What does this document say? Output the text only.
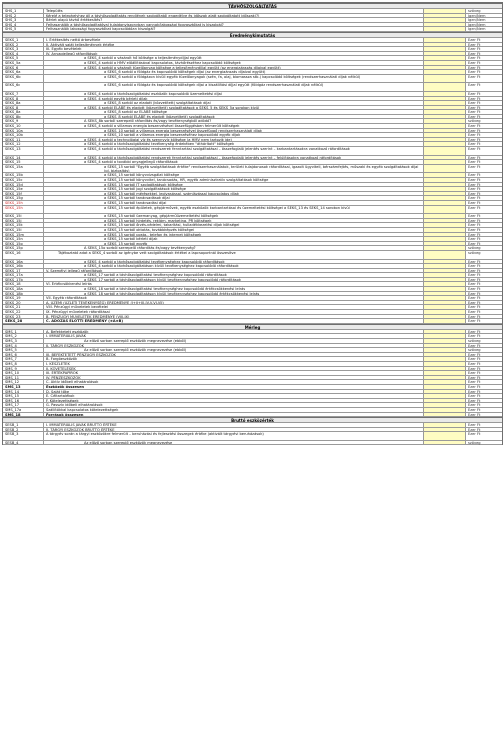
TÁVHŐSZOLGÁLTATÁS
SHS_1	Település	szöveg
SHS_2	Kérelé a telephelyhez áll a távhőszolgáltatás rendjének szolgáltatói engedélye és időszak alatt szolgáltatott időszak(?)	Igen/Nem
SHS_3	Bérlet alapú távhő értékesítés?	Igen/Nem
SHS_4	Felhasználók a távhőszolgáltatóval tulajdonviszonyban vannak/lakossági fogyasztókat is kiszolgál?	Igen/Nem
SHS_5	Felhasználók lakossági fogyasztókat kapcsolódóan kiszolgál?	Igen/Nem
Eredménykimutatás
SEKS_1	I. Értékesítés nettó árbevétele	Ezer Ft
SEKS_2	II. Aktivált saját teljesítmények értéke	Ezer Ft
SEKS_3	III. Egyéb bevételek	Ezer Ft
SEKS_4	IV. Anyagjellegű ráfordítások	Ezer Ft
SEKS_5	a SEKS_4 sorból a vásárolt hő költsége a teljesítménydíjjal együtt	Ezer Ft
SEKS_5a	a SEKS_4 sorból a HMV előállításával kapcsolatos, távhőrészéhez kapcsolódó költségek	Ezer Ft
SEKS_6	a SEKS_4 sorból a vásárolt tüzelőanyag költsége a teljesítménydíjjal együtt (az energiaárazás díjaival együtt)	Ezer Ft
SEKS_6a	a SEKS_6 sorból a földgáz és kapcsolódó költségek díjai (az energiaárazás díjaival együtt)	Ezer Ft
SEKS_6b	a SEKS_6 sorból a földgázon kívüli egyéb tüzelőanyagok (szén, fa, olaj, biomassza stb.) kapcsolódó költségek (rendszerhasználati díjak nélkül)	Ezer Ft
SEKS_6c	a SEKS_6 sorból a földgáz és kapcsolódó költségek díjai a kiszállítási díjjal együtt (földgáz rendszerhasználati díjak nélkül)	Ezer Ft
SEKS_7	a SEKS_4 sorból a távhőszolgáltatási eszközök kapcsolódó üzemeltetési díjai	Ezer Ft
SEKS_8	a SEKS_4 sorból egyéb bérleti díjak	Ezer Ft
SEKS_8a	a SEKS_8 sorból az eladott (közvetített) szolgáltatások díjai	Ezer Ft
SEKS_8	a SEKS_4 sorból ELÁBÉ és eladott (közvetített) szolgáltatások a SEKS_5 és SEKS_5a sorokon kívül	Ezer Ft
SEKS_8a	a SEKS_8 sorból az ELÁBÉ költsége	Ezer Ft
SEKS_8b	a SEKS_8 sorból ELÁBÉ és eladott (közvetített) szolgáltatások	Ezer Ft
SEKS_9	A SEKS_8b sorból szerepelő ráfordítás és/vagy tevékenységből adódó?	szöveg
SEKS_10	a SEKS_4 sorból a villamos energia beszerzésével összefüggésben felmerült költségek	Ezer Ft
SEKS_10a	a SEKS_10 sorból a villamos energia beszerzésével összefüggő rendszerhasználati díjak	Ezer Ft
SEKS_10b	a SEKS_10 sorból a villamos energia beszerzéséhez kapcsolódó egyéb díjak	Ezer Ft
SEKS_11	a SEKS_4 sorból a technológiai víz és szennyvíz költsége (a HMV nem tartozik ide)	Ezer Ft
SEKS_12	a SEKS_4 sorból a távhőszolgáltatási tevékenység érdekében "áthárított" költségek	Ezer Ft
SEKS_13	a SEKS_4 sorból a távhőszolgáltatási rendszerek fenntartási szolgáltatásai – összefoglaló jelentés szerint – karbantartásokra vonatkozó ráfordítások	Ezer Ft
SEKS_14	a SEKS_4 sorból a távhőszolgáltatási rendszerek fenntartási szolgáltatásai – összefoglaló jelentés szerint – felújításokra vonatkozó ráfordítások	Ezer Ft
SEKS_15	a SEKS_4 sorból a további anyagjellegű ráfordítások	Ezer Ft
SEKS_15a	a SEKS_15 sorból "Egyéb szolgáltatások értéke" rendszerhasználatok, területi tulajdonosok ráfordításai, igazolt ügyviteli, bérszámfejtés, műszaki és egyéb szolgáltatások díjai (pl. biztosítás)
Ezer Ft
SEKS_15b	a SEKS_15 sorból könyvvizsgálat költsége	Ezer Ft
SEKS_15c	a SEKS_15 sorból könyvvitel, tanácsadás, HR, egyéb adminisztratív szolgáltatások költsége	Ezer Ft
SEKS_15d	a SEKS_15 sorból IT szolgáltatások költsége	Ezer Ft
SEKS_15e	a SEKS_15 sorból jogi szolgáltatások költsége	Ezer Ft
SEKS_15f	a SEKS_15 sorból mérésekkel, leolvasással, számlázással kapcsolatos díjak	Ezer Ft
SEKS_15g	a SEKS_15 sorból tanácsadások díjai	Ezer Ft
SEKS_15h	a SEKS_15 sorból tanácsadási díjai	Ezer Ft
SEKS_15h	a SEKS_15 sorból épületek, gépjárművek, egyéb eszközök karbantartásai és üzemeltetési költségei a SEKS_13 és SEKS_14 sorokon kívül	Ezer Ft
SEKS_15i	a SEKS_15 sorból üzemanyag, gépjárműüzemeltetési költségek	Ezer Ft
SEKS_15j	a SEKS_15 sorból hirdetés, reklám, marketing, PR költségek	Ezer Ft
SEKS_15k	a SEKS_15 sorból őrzés-védelmi, takarítási, hulladékkezelési díjak költségei	Ezer Ft
SEKS_15l	a SEKS_15 sorból oktatás, továbbképzés költségei	Ezer Ft
SEKS_15m	a SEKS_15 sorból posta-, telefon és internet költségek	Ezer Ft
SEKS_15n	a SEKS_15 sorból bérleti díjak	Ezer Ft
SEKS_15o	a SEKS_15 sorból egyéb	Ezer Ft
SEKS_15p	A SEKS_15o sorból szerepelő ráfordítás és/vagy tevékenység?	szöveg
SEKS_16	Tájékoztató adat a SEKS_4 sorból az igénybe vett szolgáltatások értékei a lapcsoportnál összesítve	szöveg
SEKS_16a	a SEKS_4 sorból a távhőszolgáltatási tevékenységhez kapcsolódó ráfordítások	Ezer Ft
SEKS_16b	a SEKS_4 sorból a távhőszolgáltatáson kívüli tevékenységhez kapcsolódó ráfordítások	Ezer Ft
SEKS_17	V. Személyi jellegű ráfordítások	Ezer Ft
SEKS_17a	a SEKS_17 sorból a távhőszolgáltatási tevékenységhez kapcsolódó ráfordítások	Ezer Ft
SEKS_17b	a SEKS_17 sorból a távhőszolgáltatáson kívüli tevékenységhez kapcsolódó ráfordítások	Ezer Ft
SEKS_18	VI. Értékcsökkenési leírás	Ezer Ft
SEKS_18a	a SEKS_18 sorból a távhőszolgáltatási tevékenységhez kapcsolódó értékcsökkenési leírás	Ezer Ft
SEKS_18b	a SEKS_18 sorból a távhőszolgáltatáson kívüli tevékenységhez kapcsolódó értékcsökkenési leírás	Ezer Ft
SEKS_19	VII. Egyéb ráfordítások	Ezer Ft
SEKS_20	A. ÜZEMI (ÜZLETI TEVÉKENYSÉG) EREDMÉNYE (I+II+III-IV-V-VI-VII)	Ezer Ft
SEKS_21	VIII. Pénzügyi műveletek bevételei	Ezer Ft
SEKS_22	IX. Pénzügyi műveletek ráfordításai	Ezer Ft
SEKS_23	B. PÉNZÜGYI MŰVELETEK EREDMÉNYE (VIII-IX)	Ezer Ft
SEKS_28	C. ADÓZÁS ELŐTTI EREDMÉNY (±A±B)	Ezer Ft
Mérleg
SMS_1	A. Befektetett eszközök	Ezer Ft
SMS_2	I. IMMATERIÁLIS JAVAK	Ezer Ft
SMS_3	Az előző sorban szereplő eszközök megnevezése (ebből)	szöveg
SMS_4	II. TÁRGYI ESZKÖZÖK	Ezer Ft
SMS_5	Az előző sorban szereplő eszközök megnevezése (ebből)	szöveg
SMS_6	III. BEFEKTETETT PÉNZÜGYI ESZKÖZÖK	Ezer Ft
SMS_7	B. Forgóeszközök	Ezer Ft
SMS_8	I. KÉSZLETEK	Ezer Ft
SMS_9	II. KÖVETELÉSEK	Ezer Ft
SMS_10	III. ÉRTÉKPAPÍROK	Ezer Ft
SMS_11	IV. PÉNZESZKÖZÖK	Ezer Ft
SMS_12	C. Aktív időbeli elhatárolások	Ezer Ft
SMS_13	Eszközök összesen	Ezer Ft
SMS_14	D. Saját tőke	Ezer Ft
SMS_15	E. Céltartalékok	Ezer Ft
SMS_16	F. Kötelezettségek	Ezer Ft
SMS_17	G. Passzív időbeli elhatárolások	Ezer Ft
SMS_17a	Szállítókkal kapcsolatos kötelezettségek	Ezer Ft
SMS_18	Források összesen	Ezer Ft
Bruttó eszközérték
SESB_1	I. IMMATERIÁLIS JAVAK BRUTTÓ ÉRTÉKE	Ezer Ft
SESB_2	II. TÁRGYI ESZKÖZÖK BRUTTÓ ÉRTÉKE	Ezer Ft
SESB_3	A tárgyév során a tárgyi eszközökre felmerült – beruházási és fejlesztési összegek értéke (aktivált tárgyévi beruházások)	Ezer Ft
SESB_4	Az előző sorban szereplő eszközök megnevezése	szöveg
